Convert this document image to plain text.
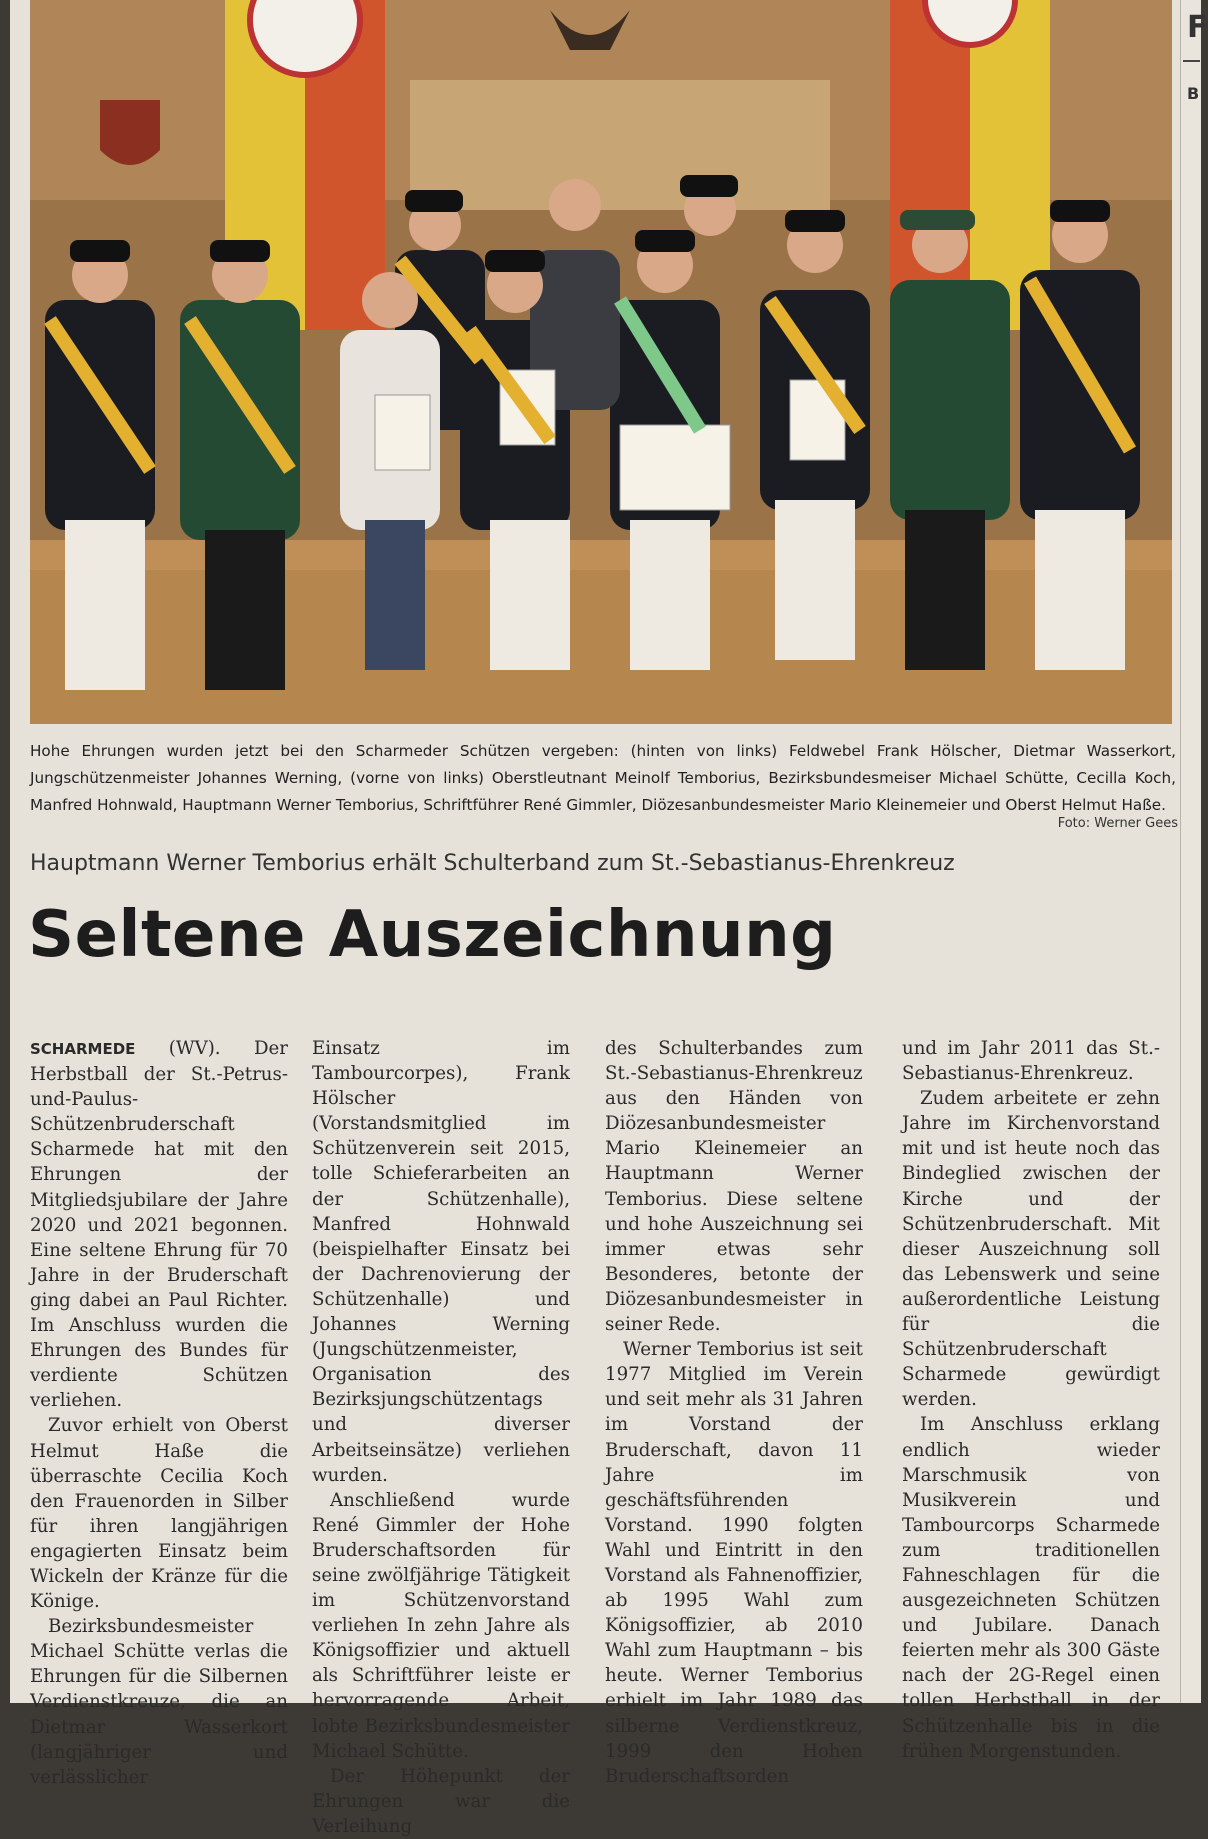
F
B
Hohe Ehrungen wurden jetzt bei den Scharmeder Schützen vergeben: (hinten von links) Feldwebel Frank Hölscher, Dietmar Wasserkort, Jungschützenmeister Johannes Werning, (vorne von links) Oberstleutnant Meinolf Temborius, Bezirksbundesmeiser Michael Schütte, Cecilla Koch, Manfred Hohnwald, Hauptmann Werner Temborius, Schriftführer René Gimmler, Diözesanbundesmeister Mario Kleinemeier und Oberst Helmut Haße.
Foto: Werner Gees
Hauptmann Werner Temborius erhält Schulterband zum St.-Sebastianus-Ehrenkreuz
Seltene Auszeichnung

SCHARMEDE (WV). Der Herbstball der St.-Petrus-und-Paulus-Schützenbruderschaft Scharmede hat mit den Ehrungen der Mitgliedsjubilare der Jahre 2020 und 2021 begonnen. Eine seltene Ehrung für 70 Jahre in der Bruderschaft ging dabei an Paul Richter. Im Anschluss wurden die Ehrungen des Bundes für verdiente Schützen verliehen.

Zuvor erhielt von Oberst Helmut Haße die überraschte Cecilia Koch den Frauenorden in Silber für ihren langjährigen engagierten Einsatz beim Wickeln der Kränze für die Könige.

Bezirksbundesmeister Michael Schütte verlas die Ehrungen für die Silbernen Verdienstkreuze, die an Dietmar Wasserkort (langjähriger und verlässlicher

Einsatz im Tambourcorpes), Frank Hölscher (Vorstandsmitglied im Schützenverein seit 2015, tolle Schieferarbeiten an der Schützenhalle), Manfred Hohnwald (beispielhafter Einsatz bei der Dachrenovierung der Schützenhalle) und Johannes Werning (Jungschützenmeister, Organisation des Bezirksjungschützentags und diverser Arbeitseinsätze) verliehen wurden.

Anschließend wurde René Gimmler der Hohe Bruderschaftsorden für seine zwölfjährige Tätigkeit im Schützenvorstand verliehen In zehn Jahre als Königsoffizier und aktuell als Schriftführer leiste er hervorragende Arbeit, lobte Bezirksbundesmeister Michael Schütte.

Der Höhepunkt der Ehrungen war die Verleihung

des Schulterbandes zum St.-Sebastianus-Ehrenkreuz aus den Händen von Diözesanbundesmeister Mario Kleinemeier an Hauptmann Werner Temborius. Diese seltene und hohe Auszeichnung sei immer etwas sehr Besonderes, betonte der Diözesanbundesmeister in seiner Rede.

Werner Temborius ist seit 1977 Mitglied im Verein und seit mehr als 31 Jahren im Vorstand der Bruderschaft, davon 11 Jahre im geschäftsführenden Vorstand. 1990 folgten Wahl und Eintritt in den Vorstand als Fahnenoffizier, ab 1995 Wahl zum Königsoffizier, ab 2010 Wahl zum Hauptmann – bis heute. Werner Temborius erhielt im Jahr 1989 das silberne Verdienstkreuz, 1999 den Hohen Bruderschaftsorden

und im Jahr 2011 das St.-Sebastianus-Ehrenkreuz.

Zudem arbeitete er zehn Jahre im Kirchenvorstand mit und ist heute noch das Bindeglied zwischen der Kirche und der Schützenbruderschaft. Mit dieser Auszeichnung soll das Lebenswerk und seine außerordentliche Leistung für die Schützenbruderschaft Scharmede gewürdigt werden.

Im Anschluss erklang endlich wieder Marschmusik von Musikverein und Tambourcorps Scharmede zum traditionellen Fahneschlagen für die ausgezeichneten Schützen und Jubilare. Danach feierten mehr als 300 Gäste nach der 2G-Regel einen tollen Herbstball in der Schützenhalle bis in die frühen Morgenstunden.
